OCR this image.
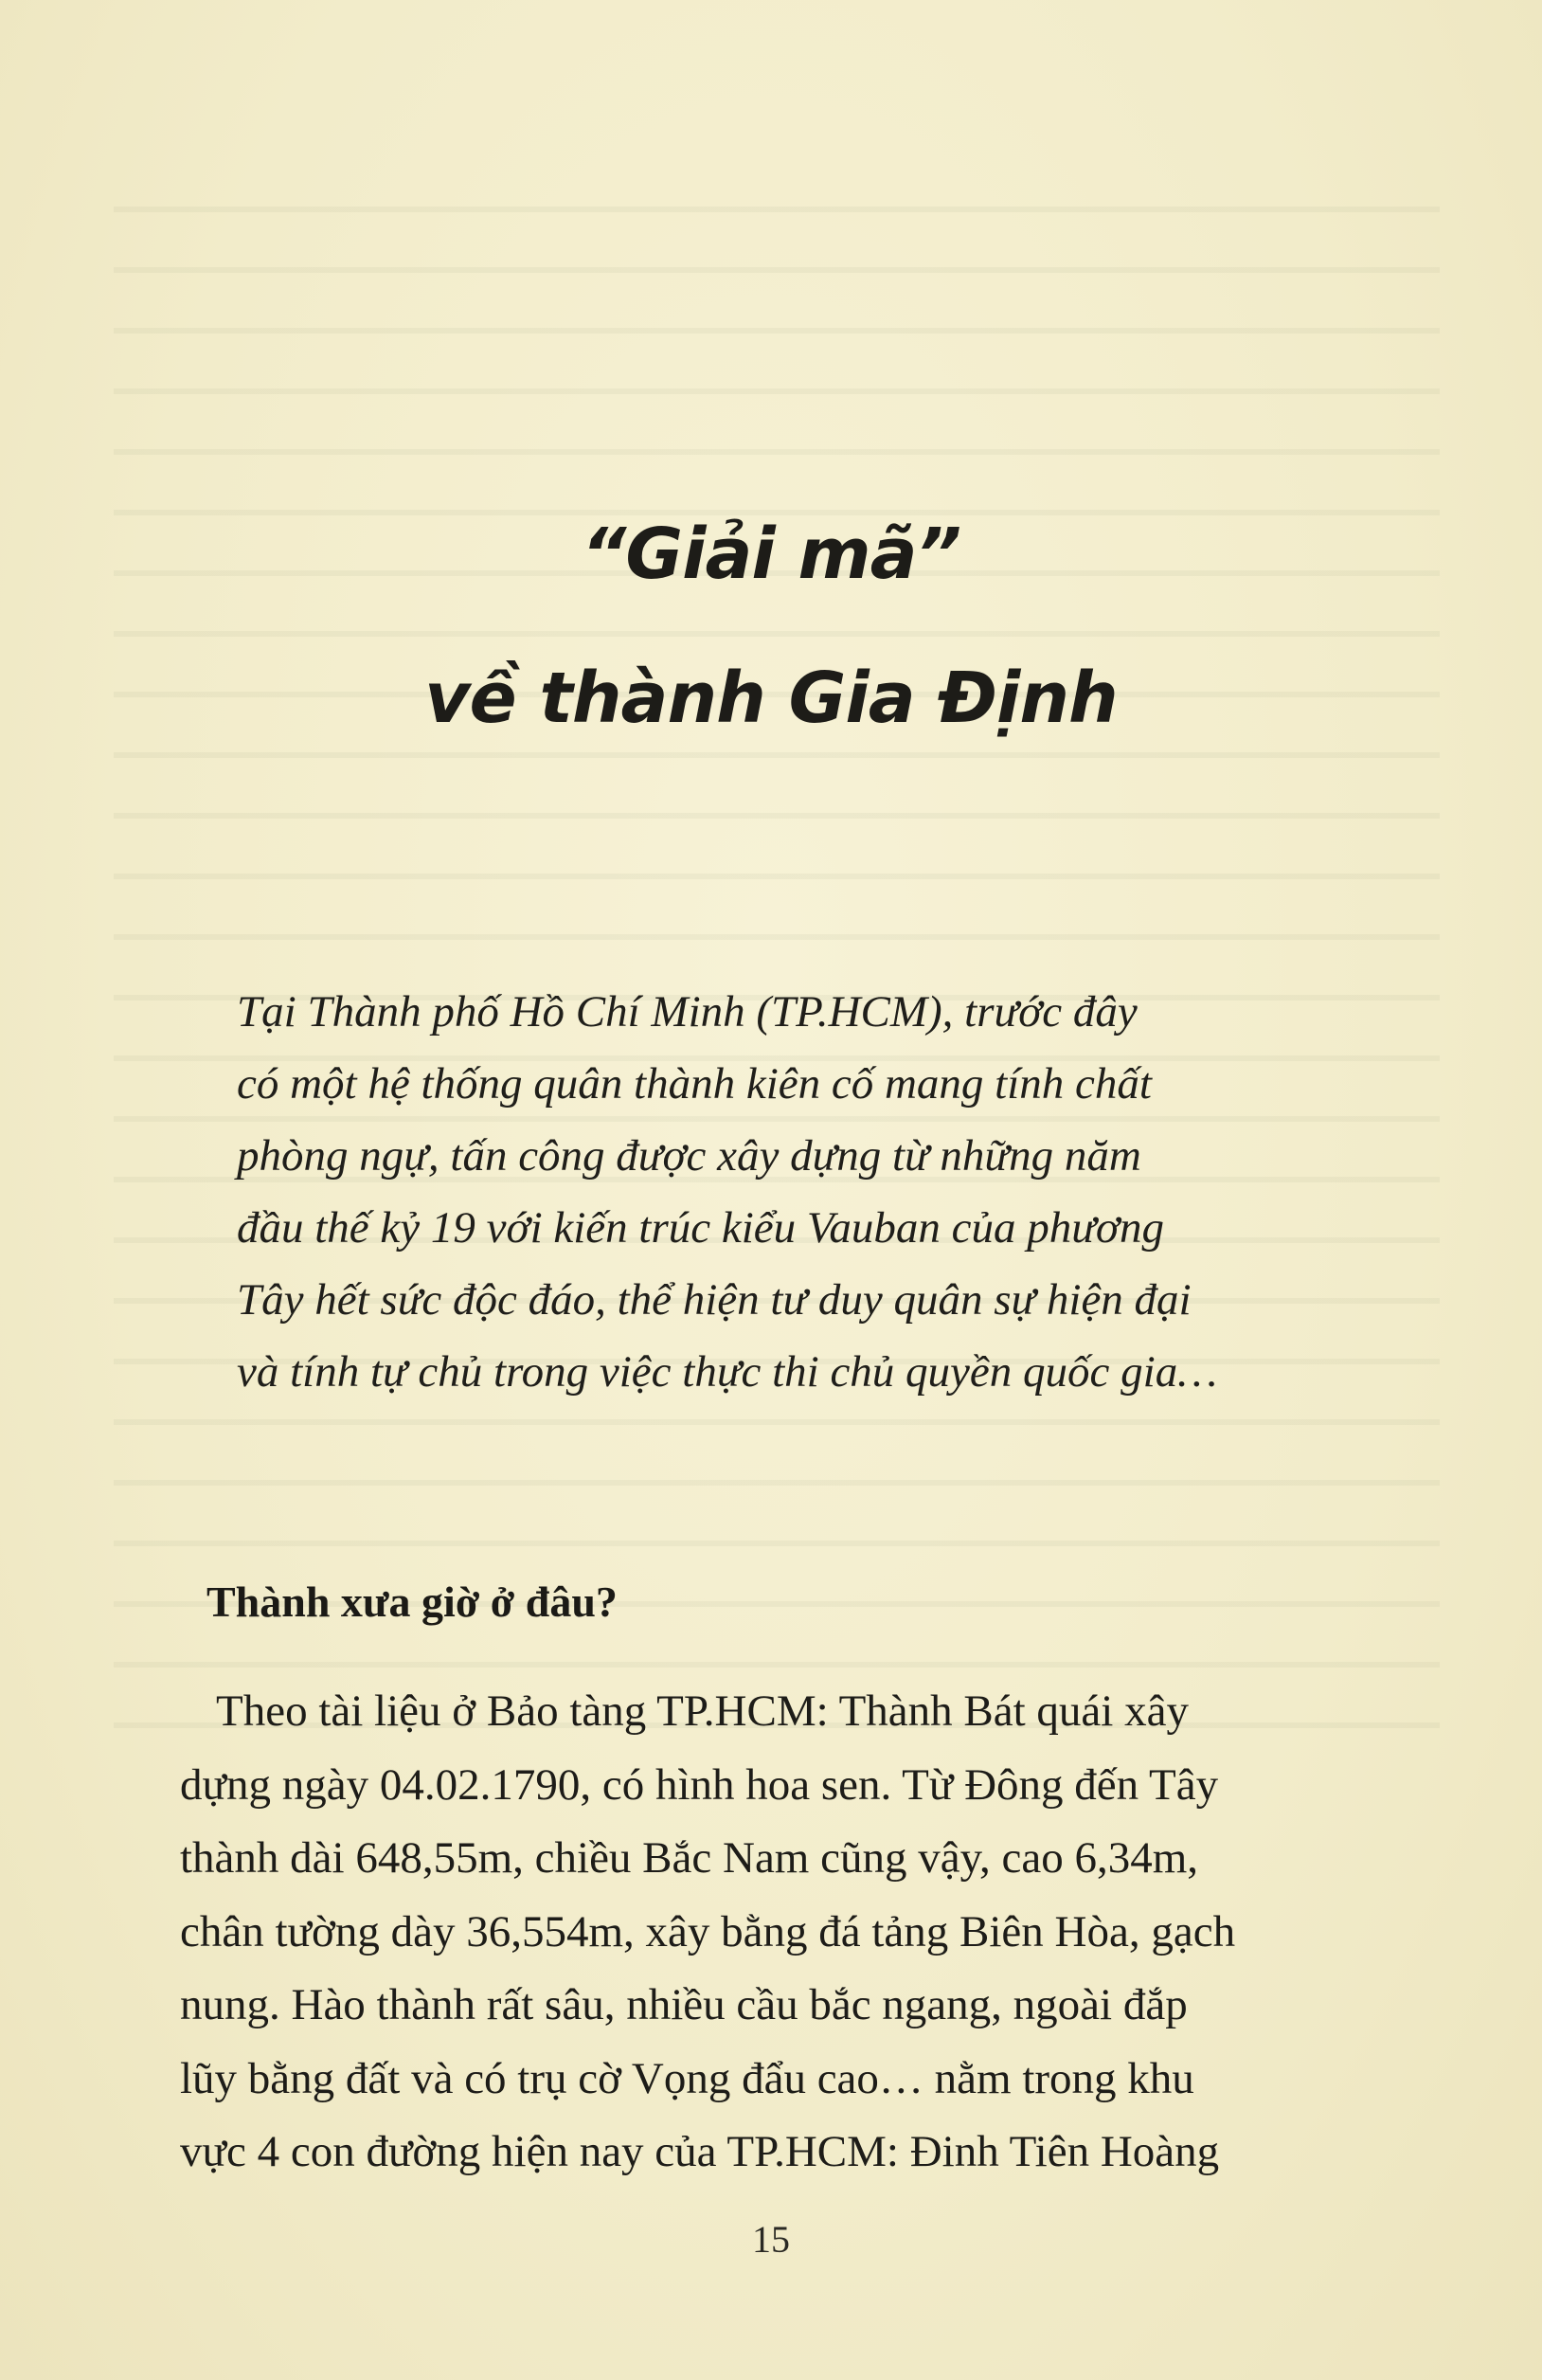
“Giải mã”
về thành Gia Định

Tại Thành phố Hồ Chí Minh (TP.HCM), trước đây
có một hệ thống quân thành kiên cố mang tính chất
phòng ngự, tấn công được xây dựng từ những năm
đầu thế kỷ 19 với kiến trúc kiểu Vauban của phương
Tây hết sức độc đáo, thể hiện tư duy quân sự hiện đại
và tính tự chủ trong việc thực thi chủ quyền quốc gia…

Thành xưa giờ ở đâu?

Theo tài liệu ở Bảo tàng TP.HCM: Thành Bát quái xây
dựng ngày 04.02.1790, có hình hoa sen. Từ Đông đến Tây
thành dài 648,55m, chiều Bắc Nam cũng vậy, cao 6,34m,
chân tường dày 36,554m, xây bằng đá tảng Biên Hòa, gạch
nung. Hào thành rất sâu, nhiều cầu bắc ngang, ngoài đắp
lũy bằng đất và có trụ cờ Vọng đẩu cao… nằm trong khu
vực 4 con đường hiện nay của TP.HCM: Đinh Tiên Hoàng

15
